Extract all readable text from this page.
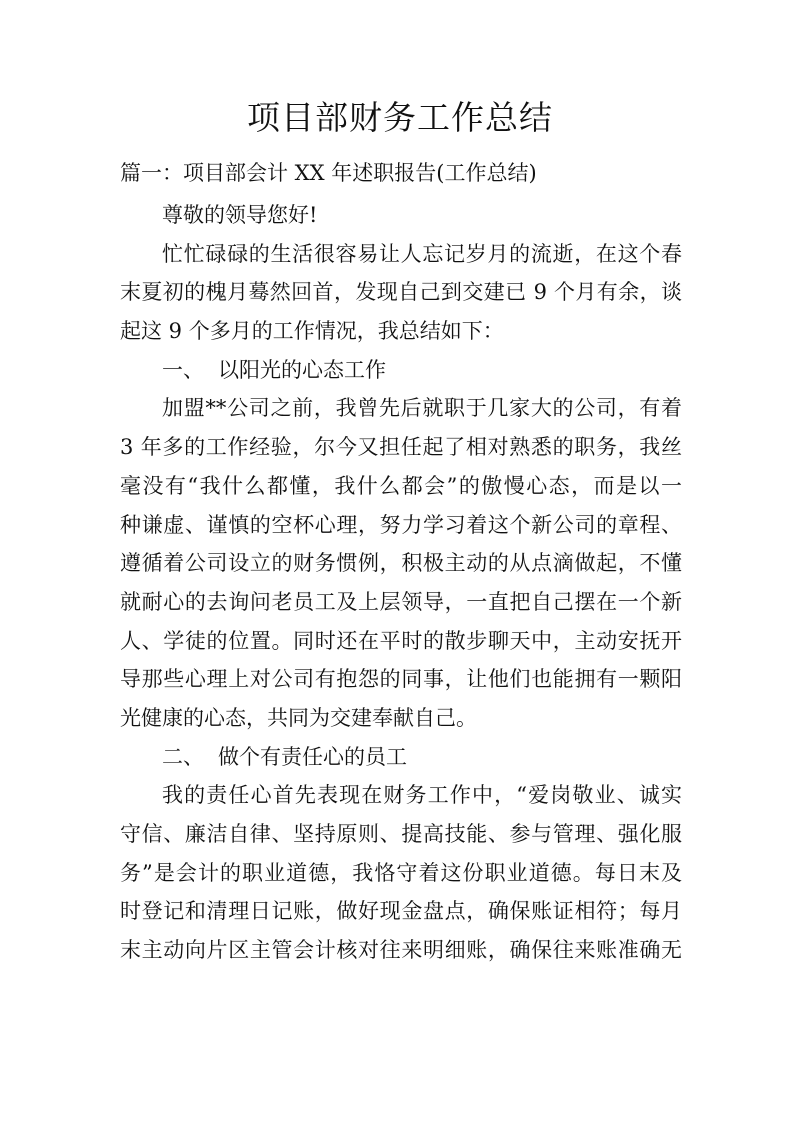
项目部财务工作总结
篇一：项目部会计 XX 年述职报告(工作总结)
尊敬的领导您好!
忙忙碌碌的生活很容易让人忘记岁月的流逝，在这个春
末夏初的槐月蓦然回首，发现自己到交建已 9 个月有余，谈
起这 9 个多月的工作情况，我总结如下：
一、 以阳光的心态工作
加盟**公司之前，我曾先后就职于几家大的公司，有着
3 年多的工作经验，尔今又担任起了相对熟悉的职务，我丝
毫没有“我什么都懂，我什么都会”的傲慢心态，而是以一
种谦虚、谨慎的空杯心理，努力学习着这个新公司的章程、
遵循着公司设立的财务惯例，积极主动的从点滴做起，不懂
就耐心的去询问老员工及上层领导，一直把自己摆在一个新
人、学徒的位置。同时还在平时的散步聊天中，主动安抚开
导那些心理上对公司有抱怨的同事，让他们也能拥有一颗阳
光健康的心态，共同为交建奉献自己。
二、 做个有责任心的员工
我的责任心首先表现在财务工作中，“爱岗敬业、诚实
守信、廉洁自律、坚持原则、提高技能、参与管理、强化服
务”是会计的职业道德，我恪守着这份职业道德。每日末及
时登记和清理日记账，做好现金盘点，确保账证相符；每月
末主动向片区主管会计核对往来明细账，确保往来账准确无
